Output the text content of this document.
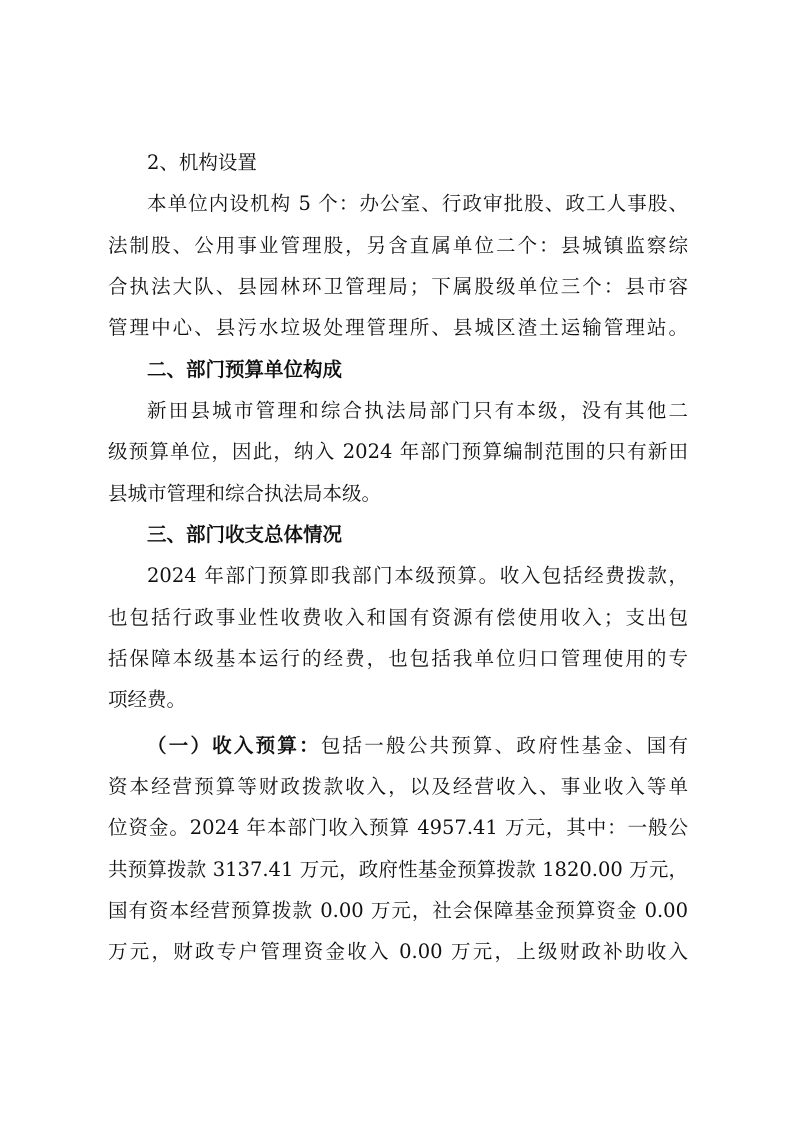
2、机构设置
本单位内设机构 5 个：办公室、行政审批股、政工人事股、
法制股、公用事业管理股，另含直属单位二个：县城镇监察综
合执法大队、县园林环卫管理局；下属股级单位三个：县市容
管理中心、县污水垃圾处理管理所、县城区渣土运输管理站。
二、部门预算单位构成
新田县城市管理和综合执法局部门只有本级，没有其他二
级预算单位，因此，纳入 2024 年部门预算编制范围的只有新田
县城市管理和综合执法局本级。
三、部门收支总体情况
2024 年部门预算即我部门本级预算。收入包括经费拨款，
也包括行政事业性收费收入和国有资源有偿使用收入；支出包
括保障本级基本运行的经费，也包括我单位归口管理使用的专
项经费。
（一）收入预算：包括一般公共预算、政府性基金、国有
资本经营预算等财政拨款收入，以及经营收入、事业收入等单
位资金。2024 年本部门收入预算 4957.41 万元，其中：一般公
共预算拨款 3137.41 万元，政府性基金预算拨款 1820.00 万元，
国有资本经营预算拨款 0.00 万元，社会保障基金预算资金 0.00
万元，财政专户管理资金收入 0.00 万元，上级财政补助收入
